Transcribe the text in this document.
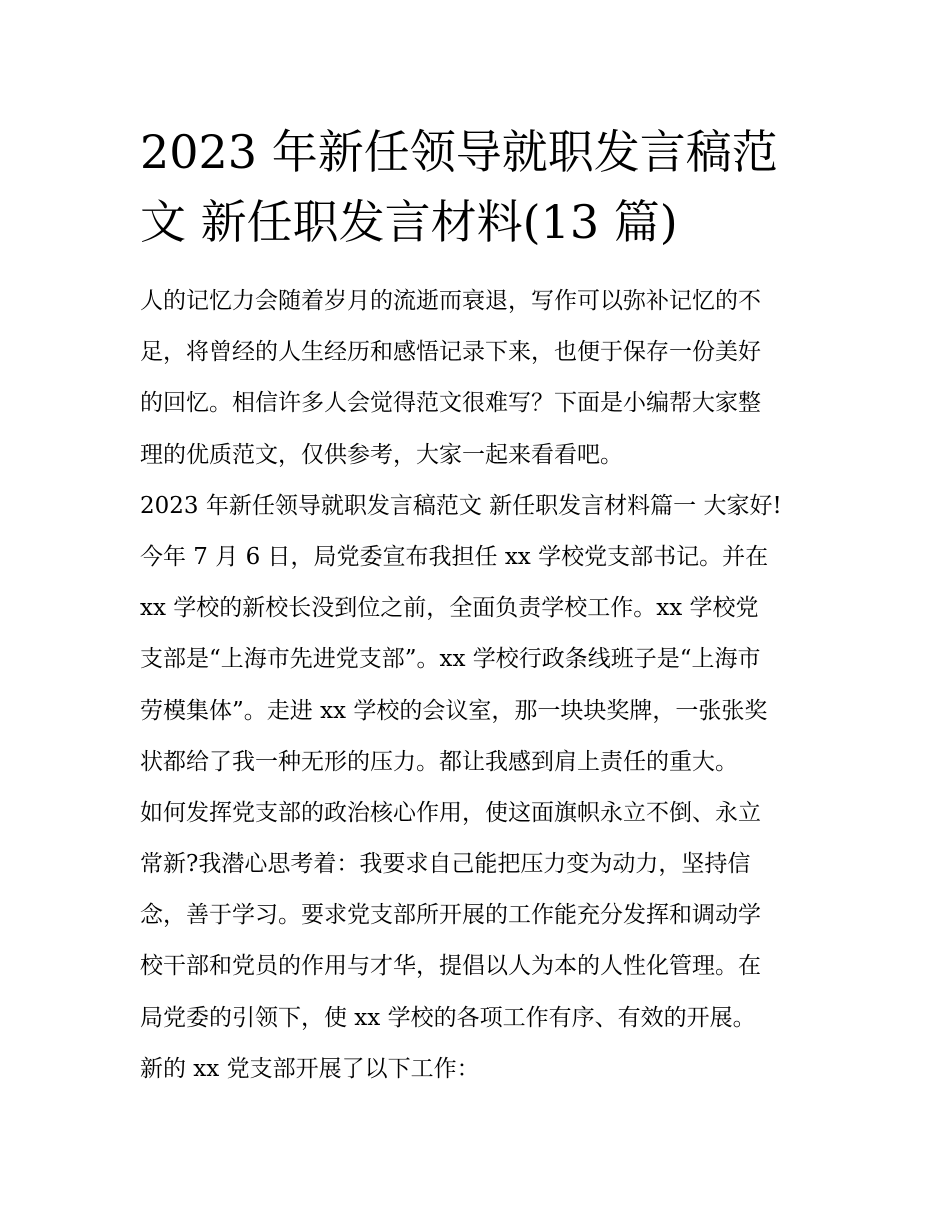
2023 年新任领导就职发言稿范
文 新任职发言材料(13 篇)
人的记忆力会随着岁月的流逝而衰退，写作可以弥补记忆的不
足，将曾经的人生经历和感悟记录下来，也便于保存一份美好
的回忆。相信许多人会觉得范文很难写？下面是小编帮大家整
理的优质范文，仅供参考，大家一起来看看吧。
2023 年新任领导就职发言稿范文 新任职发言材料篇一 大家好!
今年 7 月 6 日，局党委宣布我担任 xx 学校党支部书记。并在
xx 学校的新校长没到位之前，全面负责学校工作。xx 学校党
支部是“上海市先进党支部”。xx 学校行政条线班子是“上海市
劳模集体”。走进 xx 学校的会议室，那一块块奖牌，一张张奖
状都给了我一种无形的压力。都让我感到肩上责任的重大。
如何发挥党支部的政治核心作用，使这面旗帜永立不倒、永立
常新?我潜心思考着：我要求自己能把压力变为动力，坚持信
念，善于学习。要求党支部所开展的工作能充分发挥和调动学
校干部和党员的作用与才华，提倡以人为本的人性化管理。在
局党委的引领下，使 xx 学校的各项工作有序、有效的开展。
新的 xx 党支部开展了以下工作：
